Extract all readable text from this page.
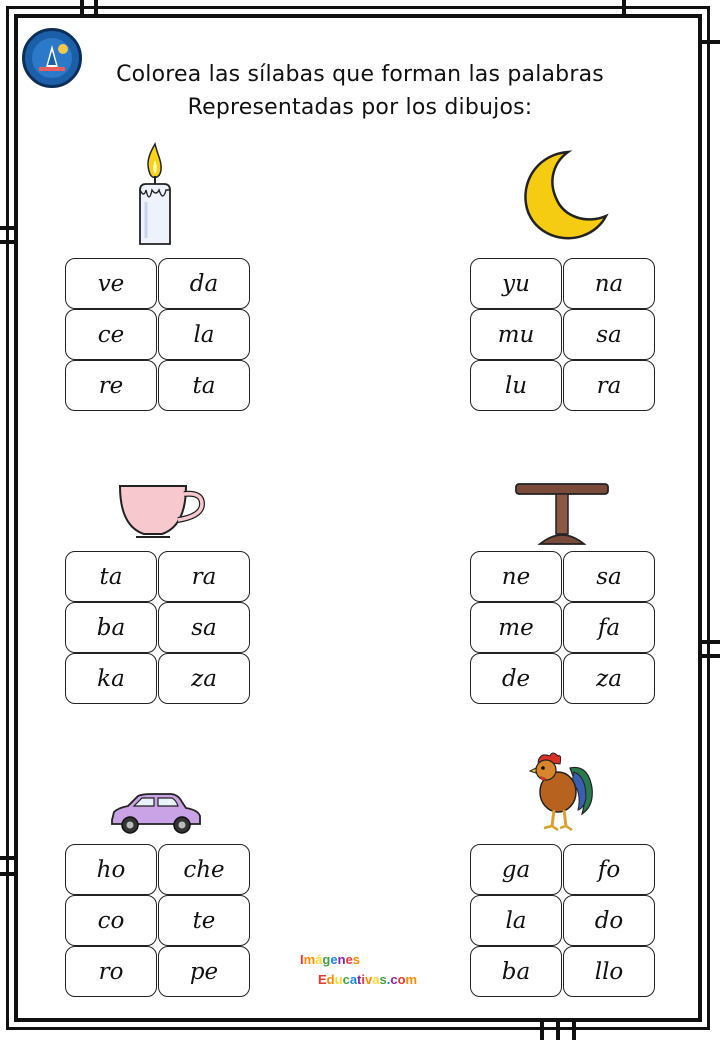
Colorea las sílabas que forman las palabras
Representadas por los dibujos:
ve	da
ce	la
re	ta
yu	na
mu	sa
lu	ra
ta	ra
ba	sa
ka	za
ne	sa
me	fa
de	za
ho	che
co	te
ro	pe
ga	fo
la	do
ba	llo
Imágenes
Educativas.com
